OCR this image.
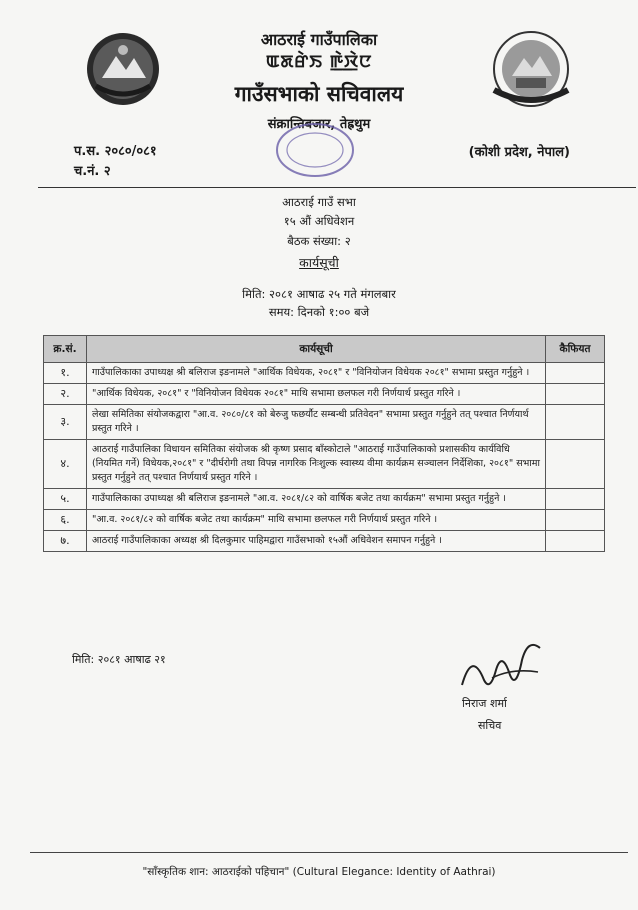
आठराई गाउँपालिका
ꯑꯗꯔꯥꯏ ꯒꯥ꯭ꯋꯥꯅ
गाउँसभाको सचिवालय
संक्रान्तिबजार, तेह्रथुम
प.स. २०८०/०८१
च.नं. २
(कोशी प्रदेश, नेपाल)
आठराई गाउँ सभा
१५ औं अधिवेशन
बैठक संख्या: २
कार्यसूची
मिति: २०८१ आषाढ २५ गते मंगलबार
समय: दिनको १:०० बजे
क्र.सं.	कार्यसूची	कैफियत
१.	गाउँपालिकाका उपाध्यक्ष श्री बलिराज इङनामले "आर्थिक विधेयक, २०८१" र "विनियोजन विधेयक २०८१" सभामा प्रस्तुत गर्नुहुने ।	
२.	"आर्थिक विधेयक, २०८१" र "विनियोजन विधेयक २०८१" माथि सभामा छलफल गरी निर्णयार्थ प्रस्तुत गरिने ।	
३.	लेखा समितिका संयोजकद्वारा "आ.व. २०८०/८१ को बेरुजु फछर्यौट सम्बन्धी प्रतिवेदन" सभामा प्रस्तुत गर्नुहुने तत् पश्चात निर्णयार्थ प्रस्तुत गरिने ।	
४.	आठराई गाउँपालिका विधायन समितिका संयोजक श्री कृष्ण प्रसाद बाँस्कोटाले "आठराई गाउँपालिकाको प्रशासकीय कार्यविधि (नियमित गर्ने) विधेयक,२०८१" र "दीर्घरोगी तथा विपन्न नागरिक निःशुल्क स्वास्थ्य वीमा कार्यक्रम सञ्चालन निर्देशिका, २०८१" सभामा प्रस्तुत गर्नुहुने तत् पश्चात निर्णयार्थ प्रस्तुत गरिने ।	
५.	गाउँपालिकाका उपाध्यक्ष श्री बलिराज इङनामले "आ.व. २०८१/८२ को वार्षिक बजेट तथा कार्यक्रम" सभामा प्रस्तुत गर्नुहुने ।	
६.	"आ.व. २०८१/८२ को वार्षिक बजेट तथा कार्यक्रम" माथि सभामा छलफल गरी निर्णयार्थ प्रस्तुत गरिने ।	
७.	आठराई गाउँपालिकाका अध्यक्ष श्री दिलकुमार पाहिमद्वारा गाउँसभाको १५औं अधिवेशन समापन गर्नुहुने ।	
मिति: २०८१ आषाढ २१
निराज शर्मा
सचिव
"साँस्कृतिक शान: आठराईको पहिचान" (Cultural Elegance: Identity of Aathrai)
